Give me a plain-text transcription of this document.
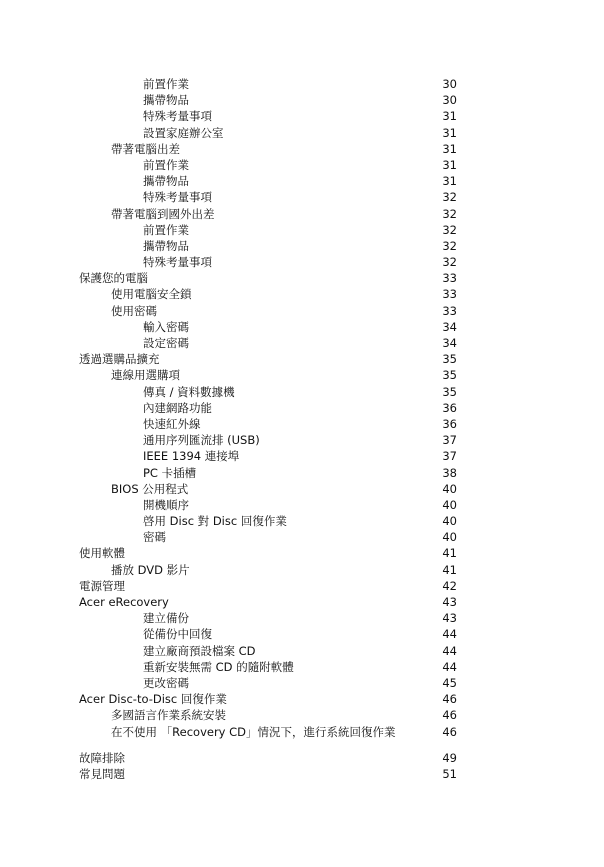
前置作業	30
攜帶物品	30
特殊考量事項	31
設置家庭辦公室	31
帶著電腦出差	31
前置作業	31
攜帶物品	31
特殊考量事項	32
帶著電腦到國外出差	32
前置作業	32
攜帶物品	32
特殊考量事項	32
保護您的電腦	33
使用電腦安全鎖	33
使用密碼	33
輸入密碼	34
設定密碼	34
透過選購品擴充	35
連線用選購項	35
傳真 / 資料數據機	35
內建網路功能	36
快速紅外線	36
通用序列匯流排 (USB)	37
IEEE 1394 連接埠	37
PC 卡插槽	38
BIOS 公用程式	40
開機順序	40
啓用 Disc 對 Disc 回復作業	40
密碼	40
使用軟體	41
播放 DVD 影片	41
電源管理	42
Acer eRecovery	43
建立備份	43
從備份中回復	44
建立廠商預設檔案 CD	44
重新安裝無需 CD 的隨附軟體	44
更改密碼	45
Acer Disc-to-Disc 回復作業	46
多國語言作業系統安裝	46
在不使用 「Recovery CD」情況下，進行系統回復作業	46
故障排除	49
常見問題	51
